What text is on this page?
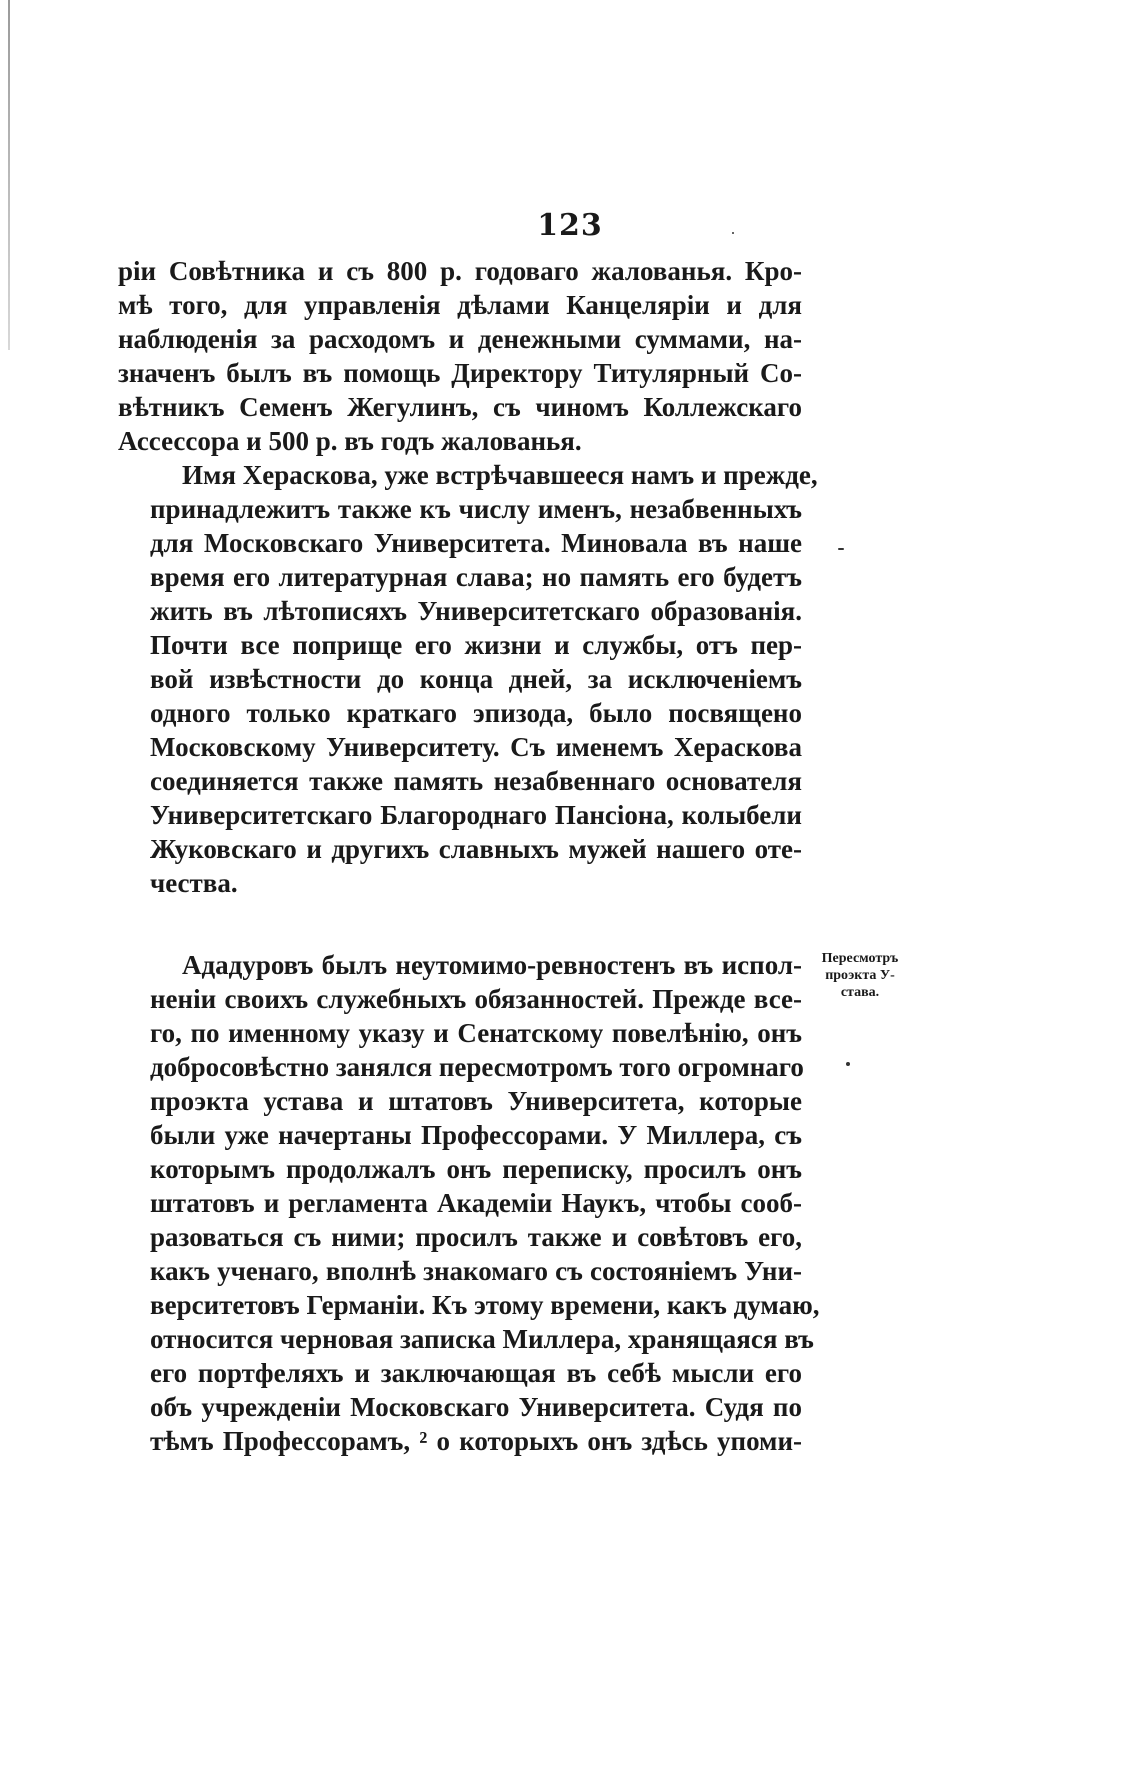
123
рiи Совѣтника и съ 800 р. годоваго жалованья. Кро-
мѣ того, для управленiя дѣлами Канцелярiи и для
наблюденiя за расходомъ и денежными суммами, на-
значенъ былъ въ помощь Директору Титулярный Со-
вѣтникъ Семенъ Жегулинъ, съ чиномъ Коллежскаго
Ассессора и 500 р. въ годъ жалованья.
Имя Хераскова, уже встрѣчавшееся намъ и прежде,
принадлежитъ также къ числу именъ, незабвенныхъ
для Московскаго Университета. Миновала въ наше
время его литературная слава; но память его будетъ
жить въ лѣтописяхъ Университетскаго образованiя.
Почти все поприще его жизни и службы, отъ пер-
вой извѣстности до конца дней, за исключенiемъ
одного только краткаго эпизода, было посвящено
Московскому Университету. Съ именемъ Хераскова
соединяется также память незабвеннаго основателя
Университетскаго Благороднаго Пансiона, колыбели
Жуковскаго и другихъ славныхъ мужей нашего оте-
чества.
Ададуровъ былъ неутомимо-ревностенъ въ испол-
ненiи своихъ служебныхъ обязанностей. Прежде все-
го, по именному указу и Сенатскому повелѣнiю, онъ
добросовѣстно занялся пересмотромъ того огромнаго
проэкта устава и штатовъ Университета, которые
были уже начертаны Профессорами. У Миллера, съ
которымъ продолжалъ онъ переписку, просилъ онъ
штатовъ и регламента Академiи Наукъ, чтобы сооб-
разоваться съ ними; просилъ также и совѣтовъ его,
какъ ученаго, вполнѣ знакомаго съ состоянiемъ Уни-
верситетовъ Германiи. Къ этому времени, какъ думаю,
относится черновая записка Миллера, хранящаяся въ
его портфеляхъ и заключающая въ себѣ мысли его
объ учрежденiи Московскаго Университета. Судя по
тѣмъ Профессорамъ, ² о которыхъ онъ здѣсь упоми-
Пересмотръ
проэкта У-
става.
